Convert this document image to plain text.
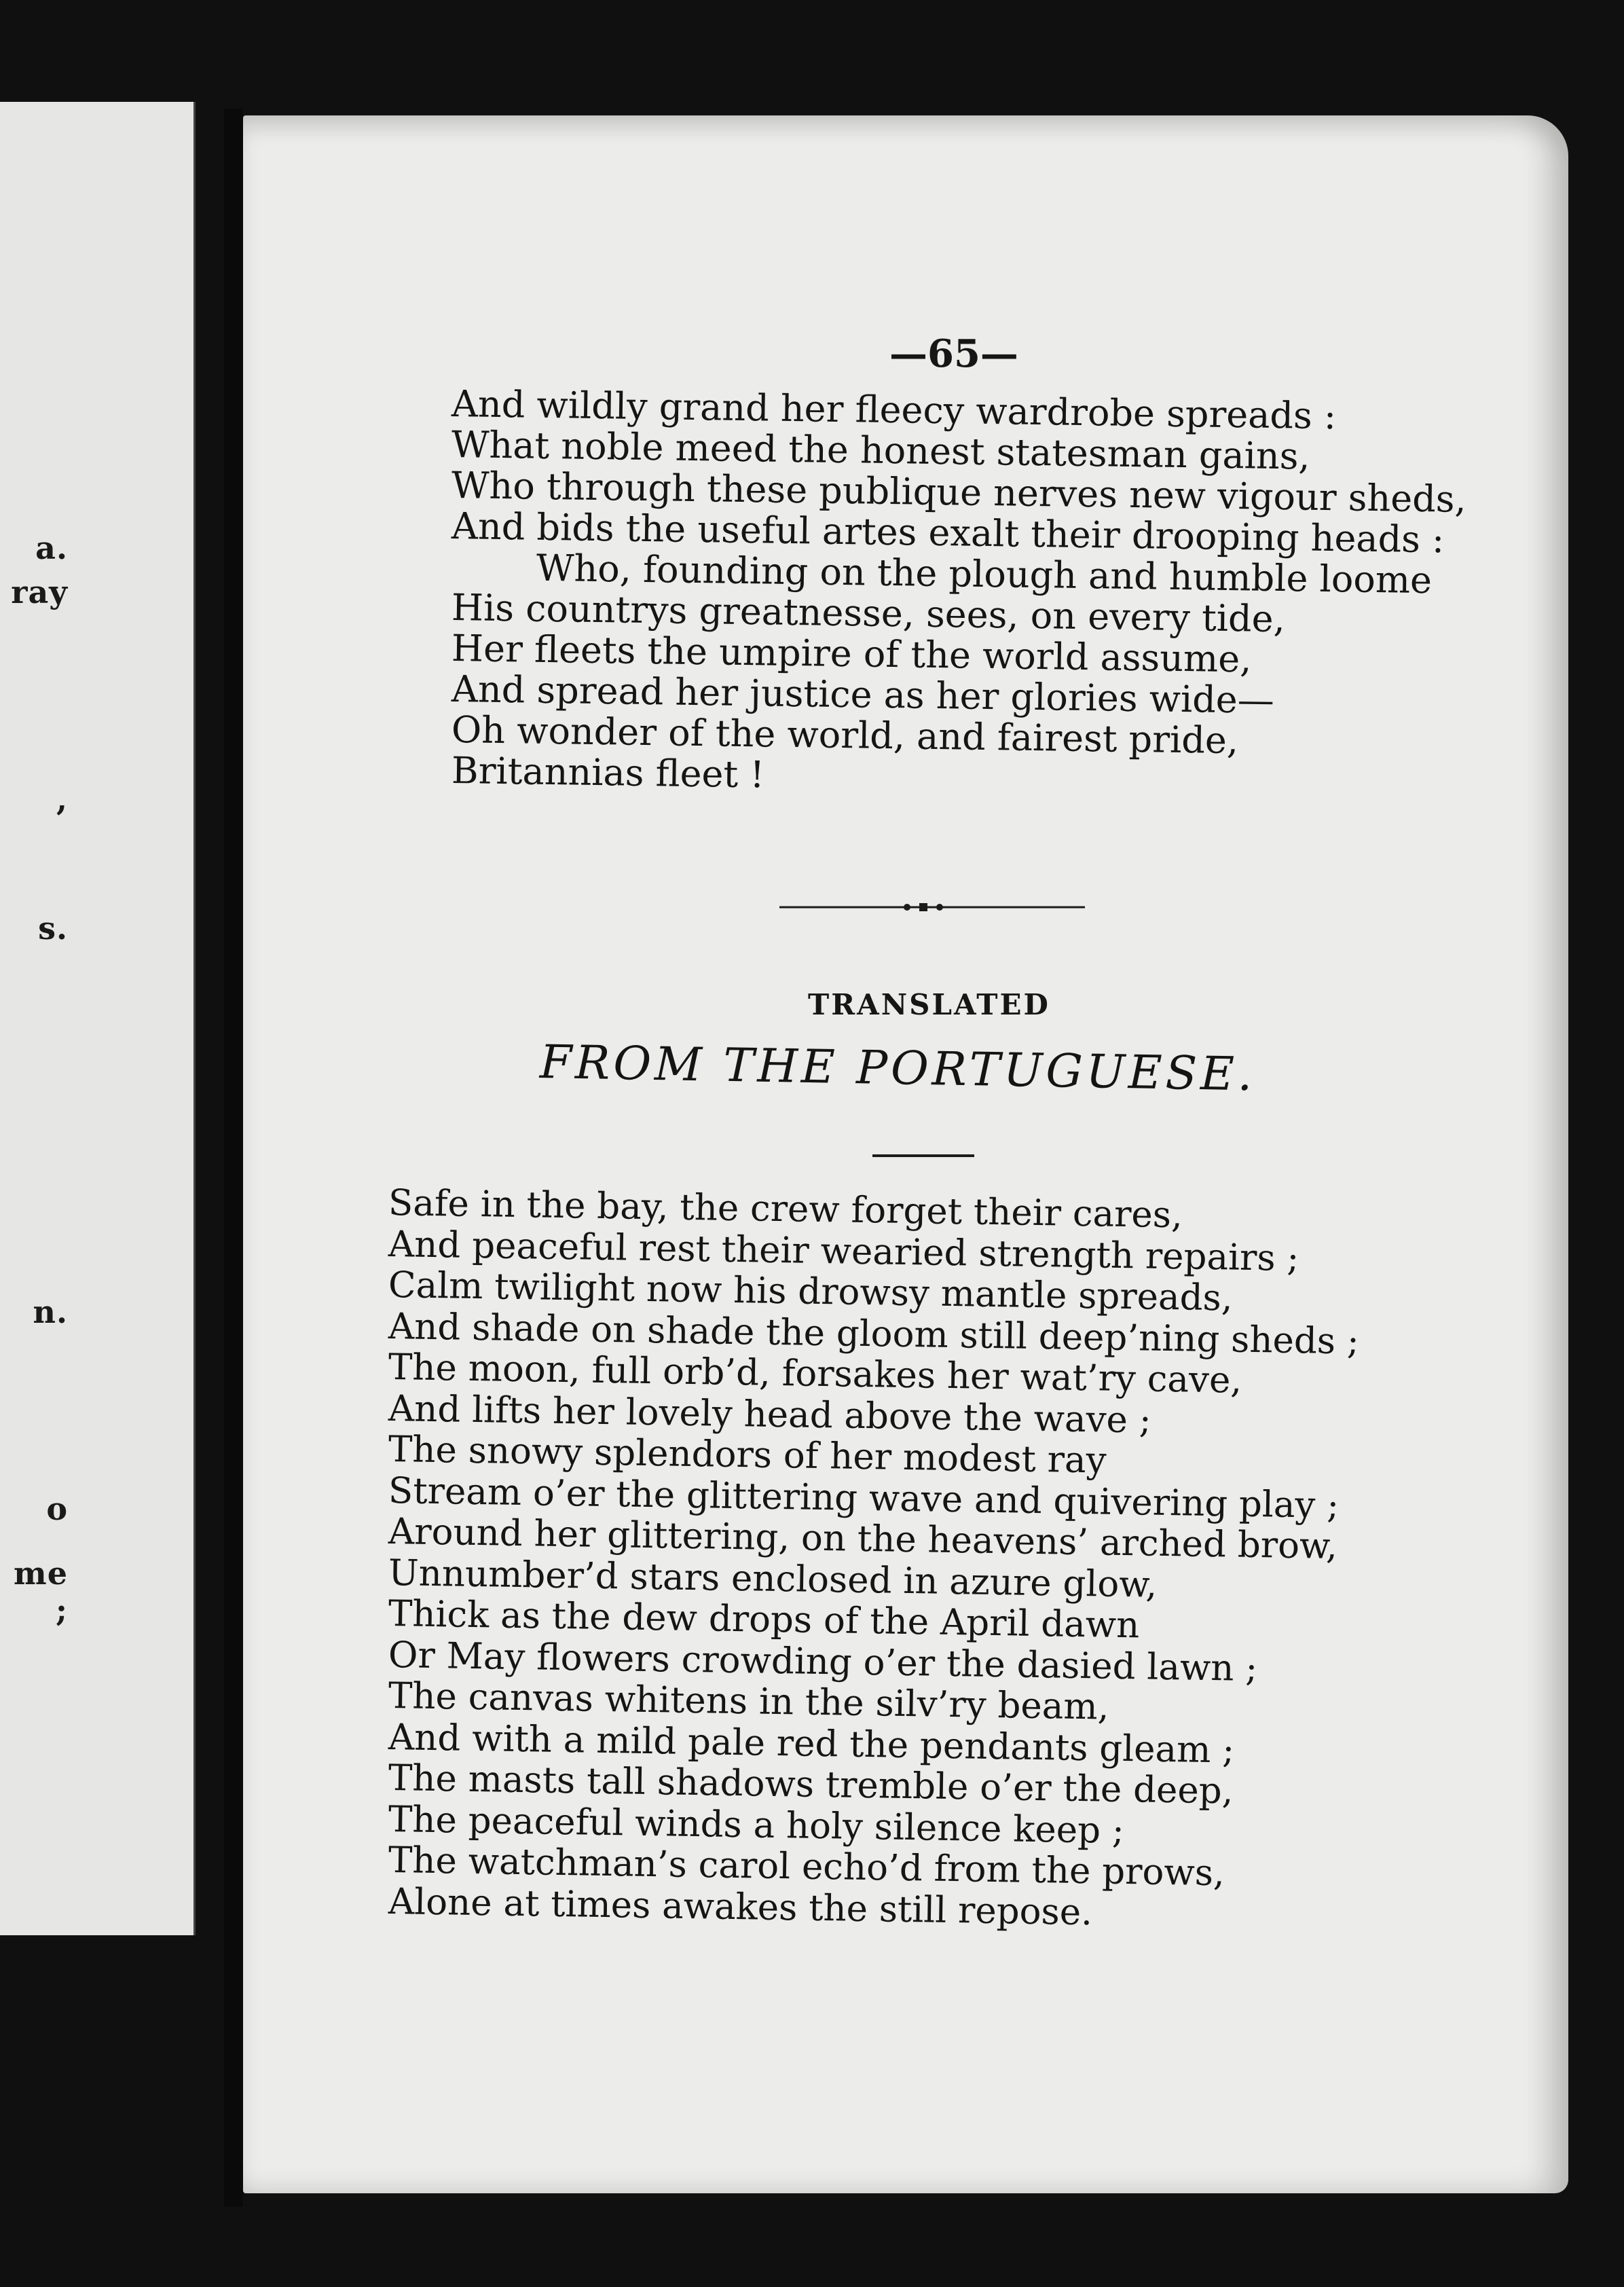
a.
ray
,
s.
n.
o
me ;
—65—
And wildly grand her fleecy wardrobe spreads :
What noble meed the honest statesman gains,
Who through these publique nerves new vigour sheds,
And bids the useful artes exalt their drooping heads :
Who, founding on the plough and humble loome
His countrys greatnesse, sees, on every tide,
Her fleets the umpire of the world assume,
And spread her justice as her glories wide—
Oh wonder of the world, and fairest pride,
Britannias fleet !
TRANSLATED
FROM THE PORTUGUESE.
Safe in the bay, the crew forget their cares,
And peaceful rest their wearied strength repairs ;
Calm twilight now his drowsy mantle spreads,
And shade on shade the gloom still deep’ning sheds ;
The moon, full orb’d, forsakes her wat’ry cave,
And lifts her lovely head above the wave ;
The snowy splendors of her modest ray
Stream o’er the glittering wave and quivering play ;
Around her glittering, on the heavens’ arched brow,
Unnumber’d stars enclosed in azure glow,
Thick as the dew drops of the April dawn
Or May flowers crowding o’er the dasied lawn ;
The canvas whitens in the silv’ry beam,
And with a mild pale red the pendants gleam ;
The masts tall shadows tremble o’er the deep,
The peaceful winds a holy silence keep ;
The watchman’s carol echo’d from the prows,
Alone at times awakes the still repose.
